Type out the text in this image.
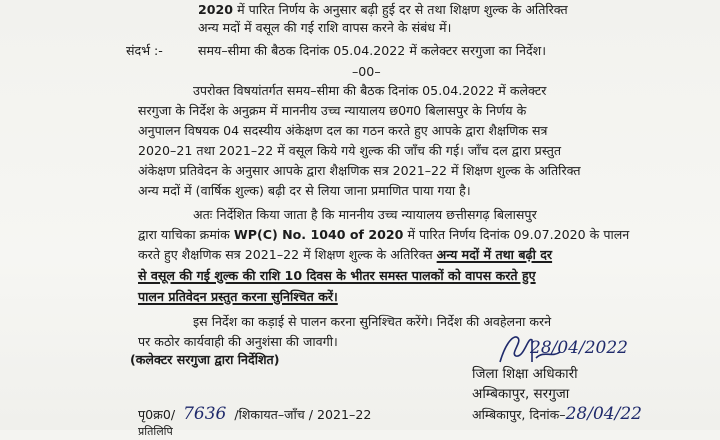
2020 में पारित निर्णय के अनुसार बढ़ी हुई दर से तथा शिक्षण शुल्क के अतिरिक्त
अन्य मदों में वसूल की गई राशि वापस करने के संबंध में।
संदर्भ :-	समय–सीमा की बैठक दिनांक 05.04.2022 में कलेक्टर सरगुजा का निर्देश।
–00–
उपरोक्त विषयांतर्गत समय–सीमा की बैठक दिनांक 05.04.2022 में कलेक्टर
सरगुजा के निर्देश के अनुक्रम में माननीय उच्च न्यायालय छ0ग0 बिलासपुर के निर्णय के
अनुपालन विषयक 04 सदस्यीय अंकेक्षण दल का गठन करते हुए आपके द्वारा शैक्षणिक सत्र
2020–21 तथा 2021–22 में वसूल किये गये शुल्क की जाँच की गई। जाँच दल द्वारा प्रस्तुत
अंकेक्षण प्रतिवेदन के अनुसार आपके द्वारा शैक्षणिक सत्र 2021–22 में शिक्षण शुल्क के अतिरिक्त
अन्य मदों में (वार्षिक शुल्क) बढ़ी दर से लिया जाना प्रमाणित पाया गया है।
अतः निर्देशित किया जाता है कि माननीय उच्च न्यायालय छत्तीसगढ़ बिलासपुर
द्वारा याचिका क्रमांक WP(C) No. 1040 of 2020 में पारित निर्णय दिनांक 09.07.2020 के पालन
करते हुए शैक्षणिक सत्र 2021–22 में शिक्षण शुल्क के अतिरिक्त अन्य मदों में तथा बढ़ी दर
से वसूल की गई शुल्क की राशि 10 दिवस के भीतर समस्त पालकों को वापस करते हुए
पालन प्रतिवेदन प्रस्तुत करना सुनिश्चित करें।
इस निर्देश का कड़ाई से पालन करना सुनिश्चित करेंगे। निर्देश की अवहेलना करने
पर कठोर कार्यवाही की अनुशंसा की जावगी।
(कलेक्टर सरगुजा द्वारा निर्देशित)
28/04/2022
जिला शिक्षा अधिकारी
अम्बिकापुर, सरगुजा
पृ0क्र0/ 7636 /शिकायत–जाँच / 2021–22	अम्बिकापुर, दिनांक–28/04/22
प्रतिलिपि
